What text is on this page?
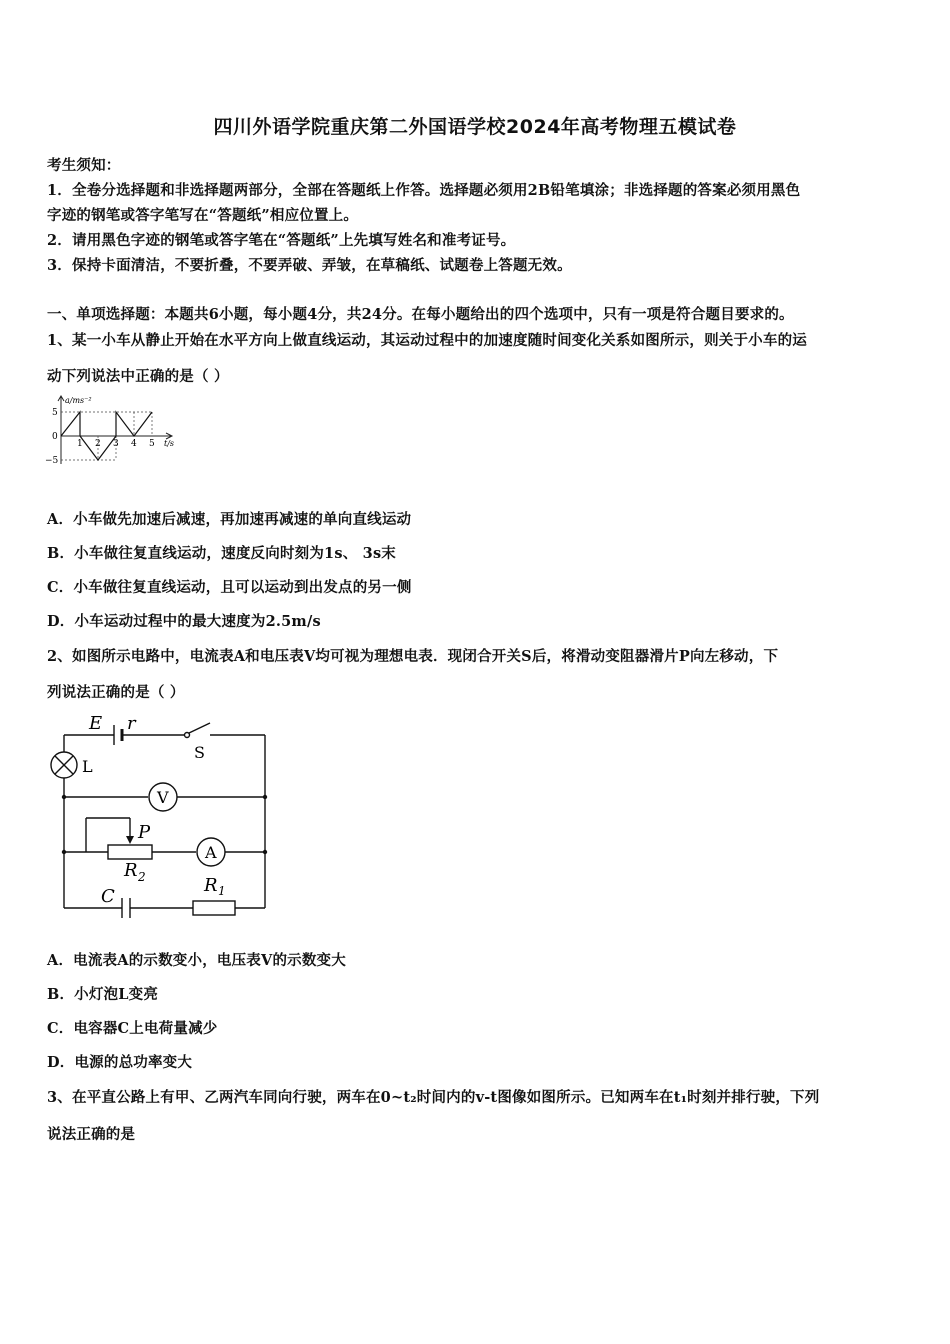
四川外语学院重庆第二外国语学校2024年高考物理五模试卷
考生须知：
1．全卷分选择题和非选择题两部分，全部在答题纸上作答。选择题必须用2B铅笔填涂；非选择题的答案必须用黑色
字迹的钢笔或答字笔写在“答题纸”相应位置上。
2．请用黑色字迹的钢笔或答字笔在“答题纸”上先填写姓名和准考证号。
3．保持卡面清洁，不要折叠，不要弄破、弄皱，在草稿纸、试题卷上答题无效。
一、单项选择题：本题共6小题，每小题4分，共24分。在每小题给出的四个选项中，只有一项是符合题目要求的。
1、某一小车从静止开始在水平方向上做直线运动，其运动过程中的加速度随时间变化关系如图所示，则关于小车的运
动下列说法中正确的是（ ）
a/ms⁻²
t/s
5
0
−5
1 2 3 4 5
A．小车做先加速后减速，再加速再减速的单向直线运动
B．小车做往复直线运动，速度反向时刻为1s、 3s末
C．小车做往复直线运动，且可以运动到出发点的另一侧
D．小车运动过程中的最大速度为2.5m/s
2、如图所示电路中，电流表A和电压表V均可视为理想电表．现闭合开关S后，将滑动变阻器滑片P向左移动，下
列说法正确的是（ ）
E r
R
R
C
2
1
S
L
V
A
P
A．电流表A的示数变小，电压表V的示数变大
B．小灯泡L变亮
C．电容器C上电荷量减少
D．电源的总功率变大
3、在平直公路上有甲、乙两汽车同向行驶，两车在0~t₂时间内的v-t图像如图所示。已知两车在t₁时刻并排行驶，下列
说法正确的是
